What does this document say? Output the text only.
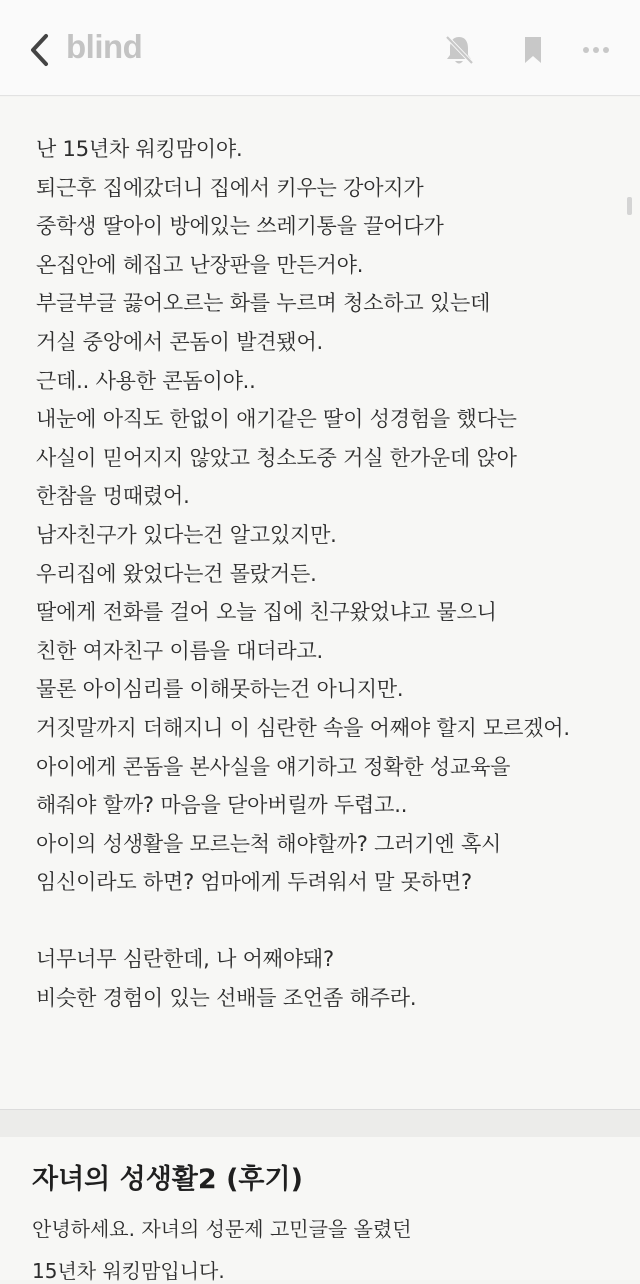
blind
난 15년차 워킹맘이야.
퇴근후 집에갔더니 집에서 키우는 강아지가
중학생 딸아이 방에있는 쓰레기통을 끌어다가
온집안에 헤집고 난장판을 만든거야.
부글부글 끓어오르는 화를 누르며 청소하고 있는데
거실 중앙에서 콘돔이 발견됐어.
근데.. 사용한 콘돔이야..
내눈에 아직도 한없이 애기같은 딸이 성경험을 했다는
사실이 믿어지지 않았고 청소도중 거실 한가운데 앉아
한참을 멍때렸어.
남자친구가 있다는건 알고있지만.
우리집에 왔었다는건 몰랐거든.
딸에게 전화를 걸어 오늘 집에 친구왔었냐고 물으니
친한 여자친구 이름을 대더라고.
물론 아이심리를 이해못하는건 아니지만.
거짓말까지 더해지니 이 심란한 속을 어째야 할지 모르겠어.
아이에게 콘돔을 본사실을 얘기하고 정확한 성교육을
해줘야 할까? 마음을 닫아버릴까 두렵고..
아이의 성생활을 모르는척 해야할까? 그러기엔 혹시
임신이라도 하면? 엄마에게 두려워서 말 못하면?
너무너무 심란한데, 나 어째야돼?
비슷한 경험이 있는 선배들 조언좀 해주라.
자녀의 성생활2 (후기)
안녕하세요. 자녀의 성문제 고민글을 올렸던
15년차 워킹맘입니다.
